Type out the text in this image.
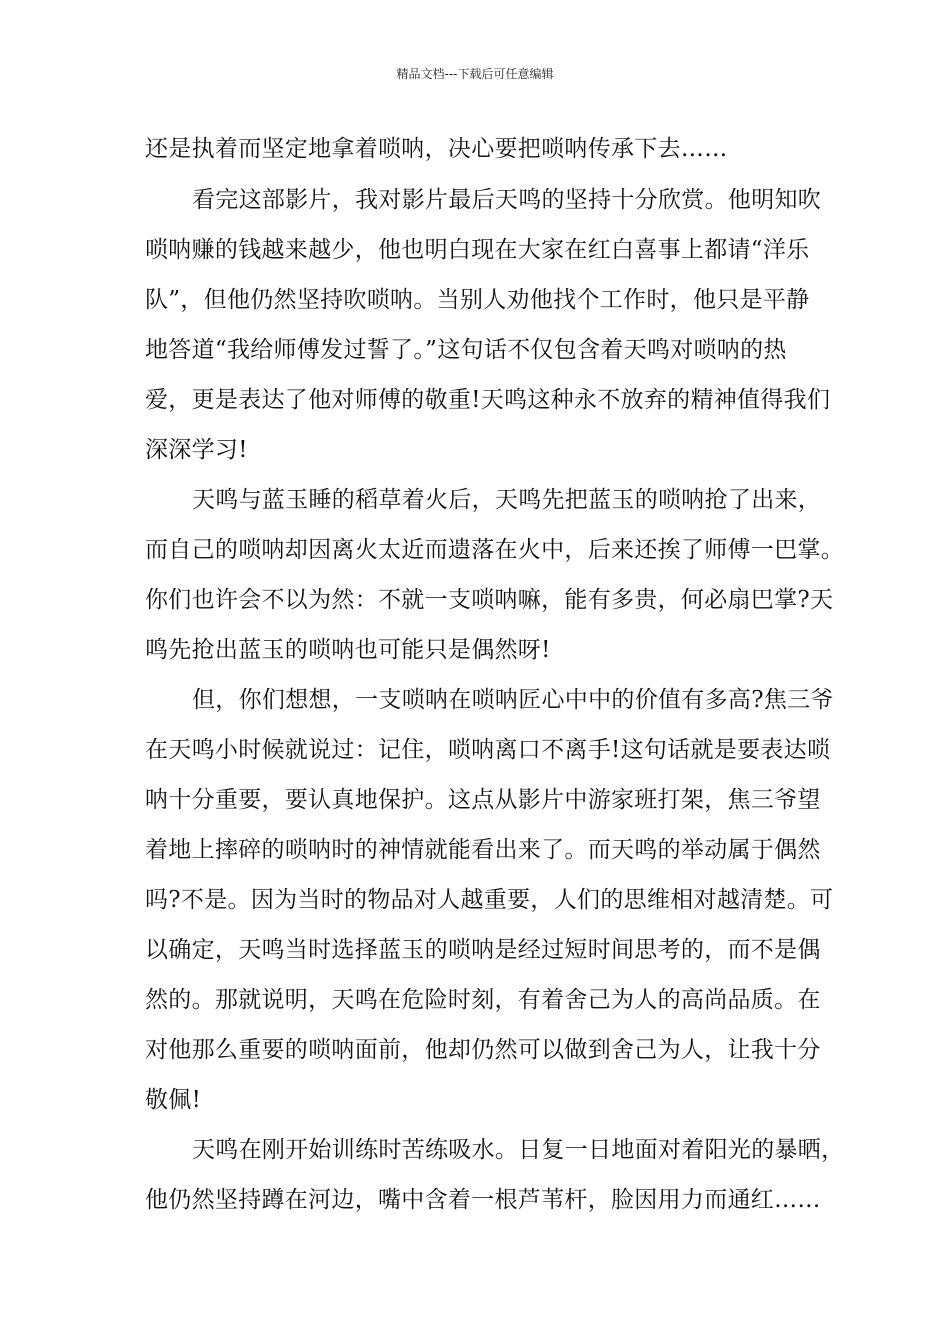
精品文档---下载后可任意编辑
还是执着而坚定地拿着唢呐，决心要把唢呐传承下去……
看完这部影片，我对影片最后天鸣的坚持十分欣赏。他明知吹
唢呐赚的钱越来越少，他也明白现在大家在红白喜事上都请“洋乐
队”，但他仍然坚持吹唢呐。当别人劝他找个工作时，他只是平静
地答道“我给师傅发过誓了。”这句话不仅包含着天鸣对唢呐的热
爱，更是表达了他对师傅的敬重!天鸣这种永不放弃的精神值得我们
深深学习!
天鸣与蓝玉睡的稻草着火后，天鸣先把蓝玉的唢呐抢了出来，
而自己的唢呐却因离火太近而遗落在火中，后来还挨了师傅一巴掌。
你们也许会不以为然：不就一支唢呐嘛，能有多贵，何必扇巴掌?天
鸣先抢出蓝玉的唢呐也可能只是偶然呀!
但，你们想想，一支唢呐在唢呐匠心中中的价值有多高?焦三爷
在天鸣小时候就说过：记住，唢呐离口不离手!这句话就是要表达唢
呐十分重要，要认真地保护。这点从影片中游家班打架，焦三爷望
着地上摔碎的唢呐时的神情就能看出来了。而天鸣的举动属于偶然
吗?不是。因为当时的物品对人越重要，人们的思维相对越清楚。可
以确定，天鸣当时选择蓝玉的唢呐是经过短时间思考的，而不是偶
然的。那就说明，天鸣在危险时刻，有着舍己为人的高尚品质。在
对他那么重要的唢呐面前，他却仍然可以做到舍己为人，让我十分
敬佩!
天鸣在刚开始训练时苦练吸水。日复一日地面对着阳光的暴晒，
他仍然坚持蹲在河边，嘴中含着一根芦苇杆，脸因用力而通红……
